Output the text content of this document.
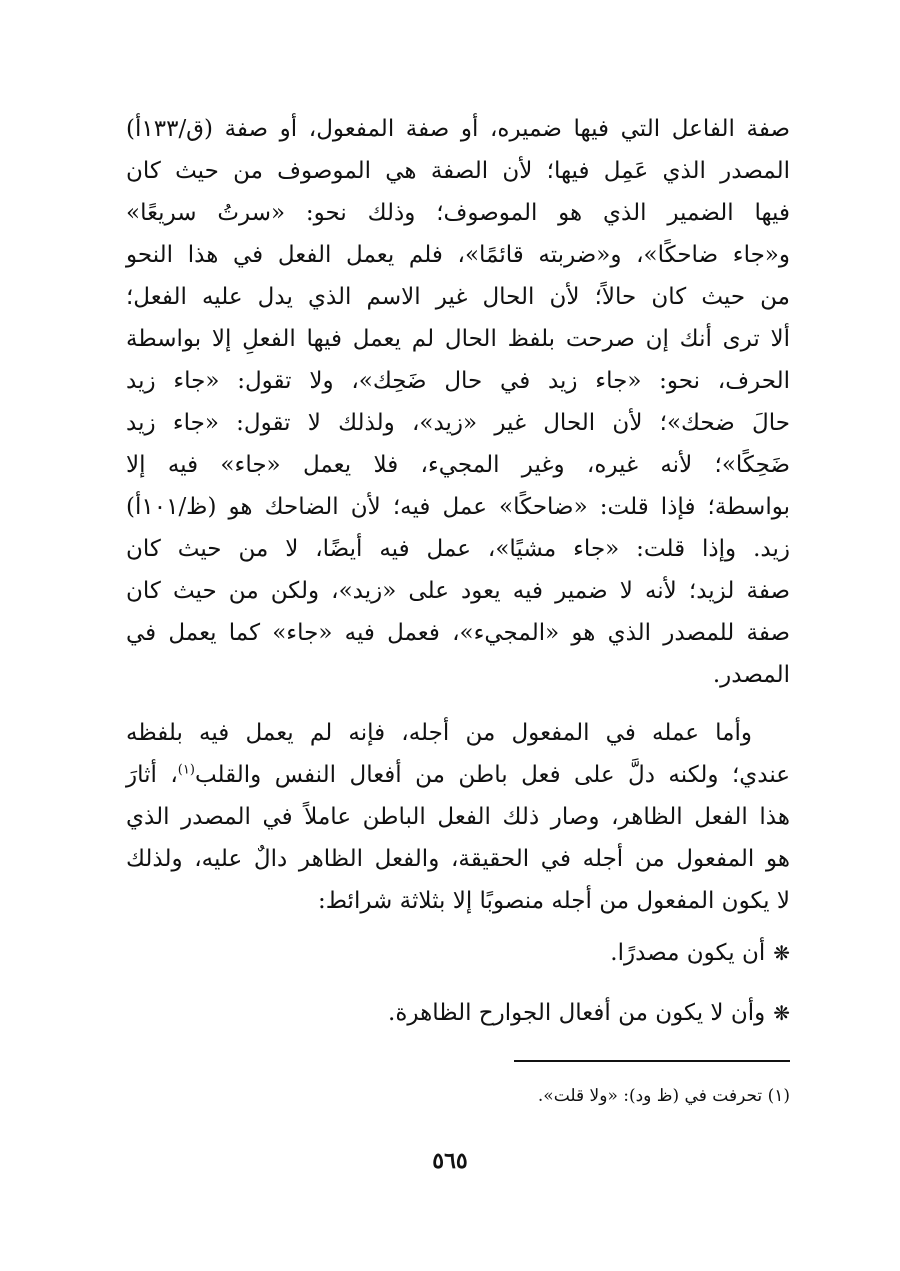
صفة الفاعل التي فيها ضميره، أو صفة المفعول، أو صفة (ق/١٣٣أ)
المصدر الذي عَمِل فيها؛ لأن الصفة هي الموصوف من حيث كان
فيها الضمير الذي هو الموصوف؛ وذلك نحو: «سرتُ سريعًا»
و«جاء ضاحكًا»، و«ضربته قائمًا»، فلم يعمل الفعل في هذا النحو
من حيث كان حالاً؛ لأن الحال غير الاسم الذي يدل عليه الفعل؛
ألا ترى أنك إن صرحت بلفظ الحال لم يعمل فيها الفعلِ إلا بواسطة
الحرف، نحو: «جاء زيد في حال ضَحِك»، ولا تقول: «جاء زيد
حالَ ضحك»؛ لأن الحال غير «زيد»، ولذلك لا تقول: «جاء زيد
ضَحِكًا»؛ لأنه غيره، وغير المجيء، فلا يعمل «جاء» فيه إلا
بواسطة؛ فإذا قلت: «ضاحكًا» عمل فيه؛ لأن الضاحك هو (ظ/١٠١أ)
زيد. وإذا قلت: «جاء مشيًا»، عمل فيه أيضًا، لا من حيث كان
صفة لزيد؛ لأنه لا ضمير فيه يعود على «زيد»، ولكن من حيث كان
صفة للمصدر الذي هو «المجيء»، فعمل فيه «جاء» كما يعمل في
المصدر.
وأما عمله في المفعول من أجله، فإنه لم يعمل فيه بلفظه
عندي؛ ولكنه دلَّ على فعل باطن من أفعال النفس والقلب$^{(١)}$، أثارَ
هذا الفعل الظاهر، وصار ذلك الفعل الباطن عاملاً في المصدر الذي
هو المفعول من أجله في الحقيقة، والفعل الظاهر دالٌ عليه، ولذلك
لا يكون المفعول من أجله منصوبًا إلا بثلاثة شرائط:
❋أن يكون مصدرًا.
❋وأن لا يكون من أفعال الجوارح الظاهرة.
(١) تحرفت في (ظ ود): «ولا قلت».
٥٦٥
